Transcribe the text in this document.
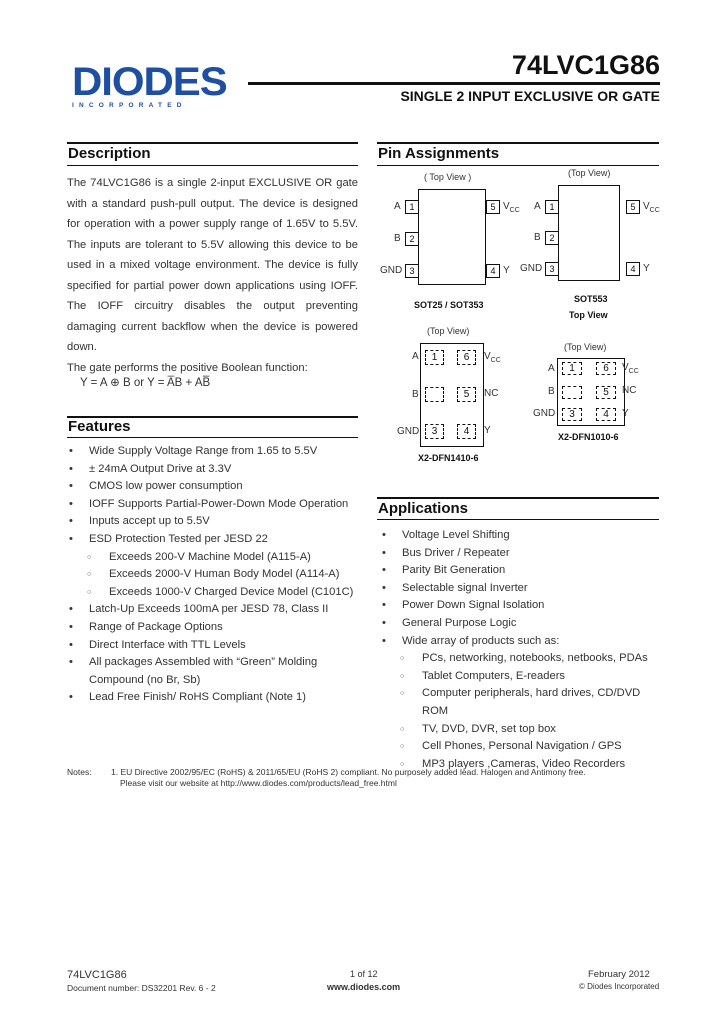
DIODES
INCORPORATED
74LVC1G86
SINGLE 2 INPUT EXCLUSIVE OR GATE
Description

The 74LVC1G86 is a single 2-input EXCLUSIVE OR gate with a standard push-pull output. The device is designed for operation with a power supply range of 1.65V to 5.5V. The inputs are tolerant to 5.5V allowing this device to be used in a mixed voltage environment. The device is fully specified for partial power down applications using IOFF. The IOFF circuitry disables the output preventing damaging current backflow when the device is powered down.

The gate performs the positive Boolean function:

Y = A ⊕ B or Y = A̅B + AB̅
Features
• Wide Supply Voltage Range from 1.65 to 5.5V
• ± 24mA Output Drive at 3.3V
• CMOS low power consumption
• IOFF Supports Partial-Power-Down Mode Operation
• Inputs accept up to 5.5V
• ESD Protection Tested per JESD 22
○ Exceeds 200-V Machine Model (A115-A)
○ Exceeds 2000-V Human Body Model (A114-A)
○ Exceeds 1000-V Charged Device Model (C101C)
• Latch-Up Exceeds 100mA per JESD 78, Class II
• Range of Package Options
• Direct Interface with TTL Levels
• All packages Assembled with “Green” Molding Compound (no Br, Sb)
• Lead Free Finish/ RoHS Compliant (Note 1)
Pin Assignments
( Top View )
1
2
3
5
4
A
B
GND
$V_{CC}$
Y
SOT25 / SOT353
(Top View)
1
2
3
5
4
A
B
GND
$V_{CC}$
Y
SOT553
Top View
(Top View)
1
3
6
5
4
A
B
GND
$V_{CC}$
NC
Y
X2-DFN1410-6
(Top View)
1
3
6
5
4
A
B
GND
$V_{CC}$
NC
Y
X2-DFN1010-6
Applications
• Voltage Level Shifting
• Bus Driver / Repeater
• Parity Bit Generation
• Selectable signal Inverter
• Power Down Signal Isolation
• General Purpose Logic
• Wide array of products such as:
○ PCs, networking, notebooks, netbooks, PDAs
○ Tablet Computers, E-readers
○ Computer peripherals, hard drives, CD/DVD ROM
○ TV, DVD, DVR, set top box
○ Cell Phones, Personal Navigation / GPS
○ MP3 players ,Cameras, Video Recorders
Notes: 1. EU Directive 2002/95/EC (RoHS) & 2011/65/EU (RoHS 2) compliant. No purposely added lead. Halogen and Antimony free.
Please visit our website at http://www.diodes.com/products/lead_free.html
74LVC1G86
Document number: DS32201 Rev. 6 - 2
1 of 12
www.diodes.com
February 2012
© Diodes Incorporated
